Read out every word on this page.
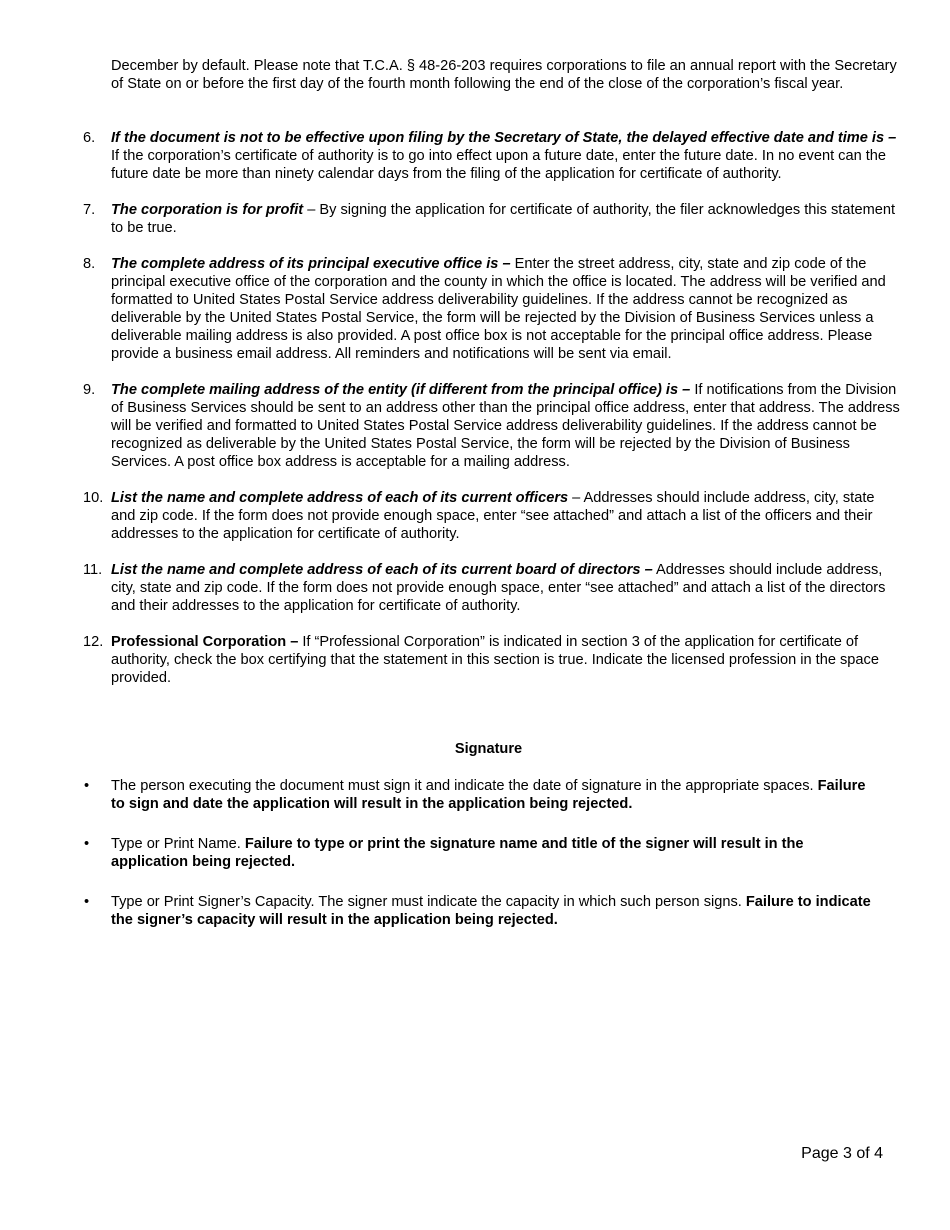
December by default. Please note that T.C.A. § 48-26-203 requires corporations to file an annual report with the Secretary of State on or before the first day of the fourth month following the end of the close of the corporation’s fiscal year.

6. If the document is not to be effective upon filing by the Secretary of State, the delayed effective date and time is – If the corporation’s certificate of authority is to go into effect upon a future date, enter the future date. In no event can the future date be more than ninety calendar days from the filing of the application for certificate of authority.
7. The corporation is for profit – By signing the application for certificate of authority, the filer acknowledges this statement to be true.
8. The complete address of its principal executive office is – Enter the street address, city, state and zip code of the principal executive office of the corporation and the county in which the office is located. The address will be verified and formatted to United States Postal Service address deliverability guidelines. If the address cannot be recognized as deliverable by the United States Postal Service, the form will be rejected by the Division of Business Services unless a deliverable mailing address is also provided. A post office box is not acceptable for the principal office address. Please provide a business email address. All reminders and notifications will be sent via email.
9. The complete mailing address of the entity (if different from the principal office) is – If notifications from the Division of Business Services should be sent to an address other than the principal office address, enter that address. The address will be verified and formatted to United States Postal Service address deliverability guidelines. If the address cannot be recognized as deliverable by the United States Postal Service, the form will be rejected by the Division of Business Services. A post office box address is acceptable for a mailing address.
10. List the name and complete address of each of its current officers – Addresses should include address, city, state and zip code. If the form does not provide enough space, enter “see attached” and attach a list of the officers and their addresses to the application for certificate of authority.
11. List the name and complete address of each of its current board of directors – Addresses should include address, city, state and zip code. If the form does not provide enough space, enter “see attached” and attach a list of the directors and their addresses to the application for certificate of authority.
12. Professional Corporation – If “Professional Corporation” is indicated in section 3 of the application for certificate of authority, check the box certifying that the statement in this section is true. Indicate the licensed profession in the space provided.

Signature

• The person executing the document must sign it and indicate the date of signature in the appropriate spaces. Failure to sign and date the application will result in the application being rejected.
• Type or Print Name. Failure to type or print the signature name and title of the signer will result in the application being rejected.
• Type or Print Signer’s Capacity. The signer must indicate the capacity in which such person signs. Failure to indicate the signer’s capacity will result in the application being rejected.
Page 3 of 4
